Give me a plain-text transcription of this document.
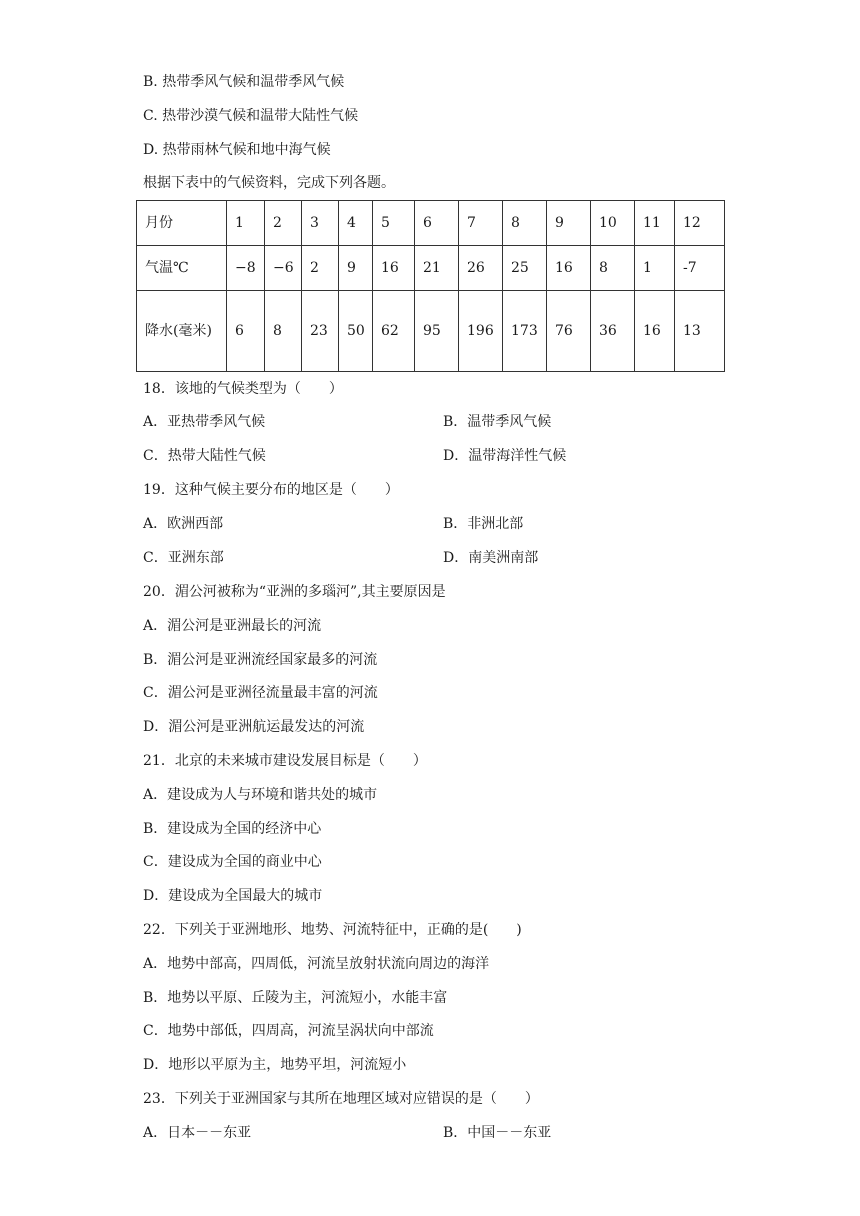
B. 热带季风气候和温带季风气候
C. 热带沙漠气候和温带大陆性气候
D. 热带雨林气候和地中海气候
根据下表中的气候资料，完成下列各题。
月份	1	2	3	4	5	6	7	8	9	10	11	12
气温℃	−8	−6	2	9	16	21	26	25	16	8	1	-7
降水(毫米)	6	8	23	50	62	95	196	173	76	36	16	13
18．该地的气候类型为（　　）
A．亚热带季风气候	B．温带季风气候
C．热带大陆性气候	D．温带海洋性气候
19．这种气候主要分布的地区是（　　）
A．欧洲西部	B．非洲北部
C．亚洲东部	D．南美洲南部
20．湄公河被称为“亚洲的多瑙河”,其主要原因是
A．湄公河是亚洲最长的河流
B．湄公河是亚洲流经国家最多的河流
C．湄公河是亚洲径流量最丰富的河流
D．湄公河是亚洲航运最发达的河流
21．北京的未来城市建设发展目标是（　　）
A．建设成为人与环境和谐共处的城市
B．建设成为全国的经济中心
C．建设成为全国的商业中心
D．建设成为全国最大的城市
22．下列关于亚洲地形、地势、河流特征中，正确的是(　　)
A．地势中部高，四周低，河流呈放射状流向周边的海洋
B．地势以平原、丘陵为主，河流短小，水能丰富
C．地势中部低，四周高，河流呈涡状向中部流
D．地形以平原为主，地势平坦，河流短小
23．下列关于亚洲国家与其所在地理区域对应错误的是（　　）
A．日本－－东亚	B．中国－－东亚
